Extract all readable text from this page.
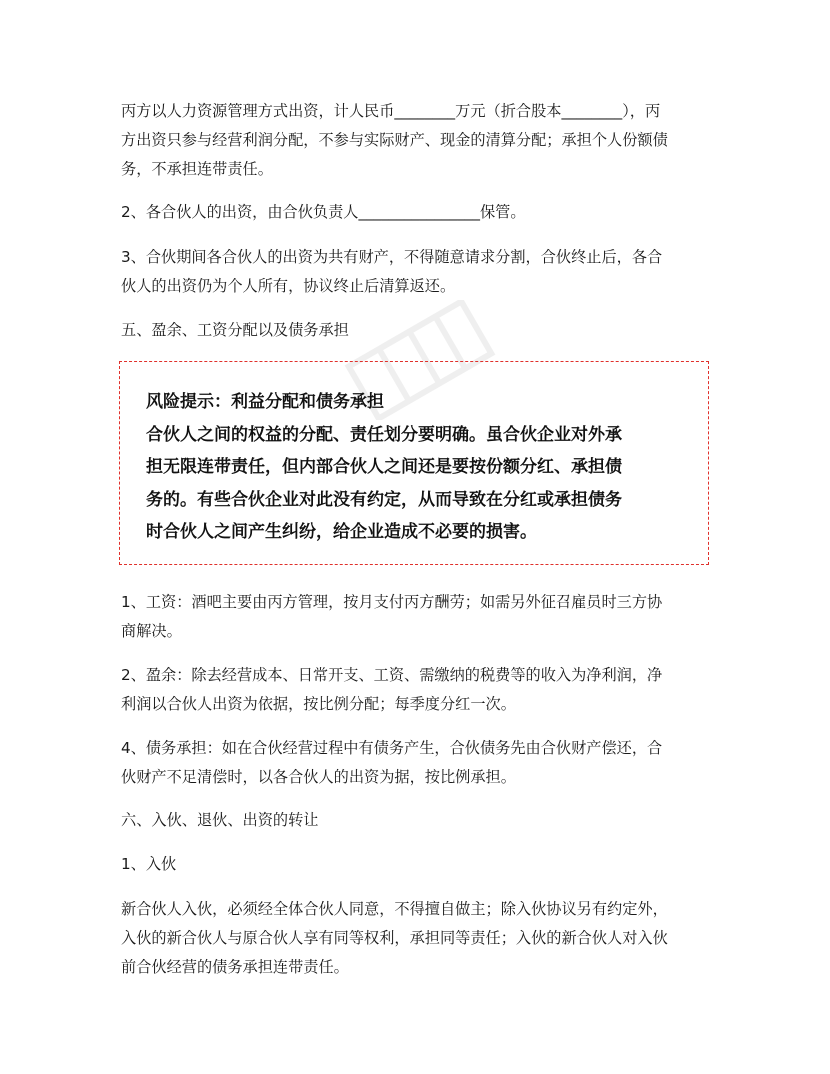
丙方以人力资源管理方式出资，计人民币________万元（折合股本________），丙
方出资只参与经营利润分配，不参与实际财产、现金的清算分配；承担个人份额债
务，不承担连带责任。

2、各合伙人的出资，由合伙负责人________________保管。

3、合伙期间各合伙人的出资为共有财产，不得随意请求分割，合伙终止后，各合
伙人的出资仍为个人所有，协议终止后清算返还。

五、盈余、工资分配以及债务承担

风险提示：利益分配和债务承担
合伙人之间的权益的分配、责任划分要明确。虽合伙企业对外承
担无限连带责任，但内部合伙人之间还是要按份额分红、承担债
务的。有些合伙企业对此没有约定，从而导致在分红或承担债务
时合伙人之间产生纠纷，给企业造成不必要的损害。

1、工资：酒吧主要由丙方管理，按月支付丙方酬劳；如需另外征召雇员时三方协
商解决。

2、盈余：除去经营成本、日常开支、工资、需缴纳的税费等的收入为净利润，净
利润以合伙人出资为依据，按比例分配；每季度分红一次。

4、债务承担：如在合伙经营过程中有债务产生，合伙债务先由合伙财产偿还，合
伙财产不足清偿时，以各合伙人的出资为据，按比例承担。

六、入伙、退伙、出资的转让

1、入伙

新合伙人入伙，必须经全体合伙人同意，不得擅自做主；除入伙协议另有约定外，
入伙的新合伙人与原合伙人享有同等权利，承担同等责任；入伙的新合伙人对入伙
前合伙经营的债务承担连带责任。
